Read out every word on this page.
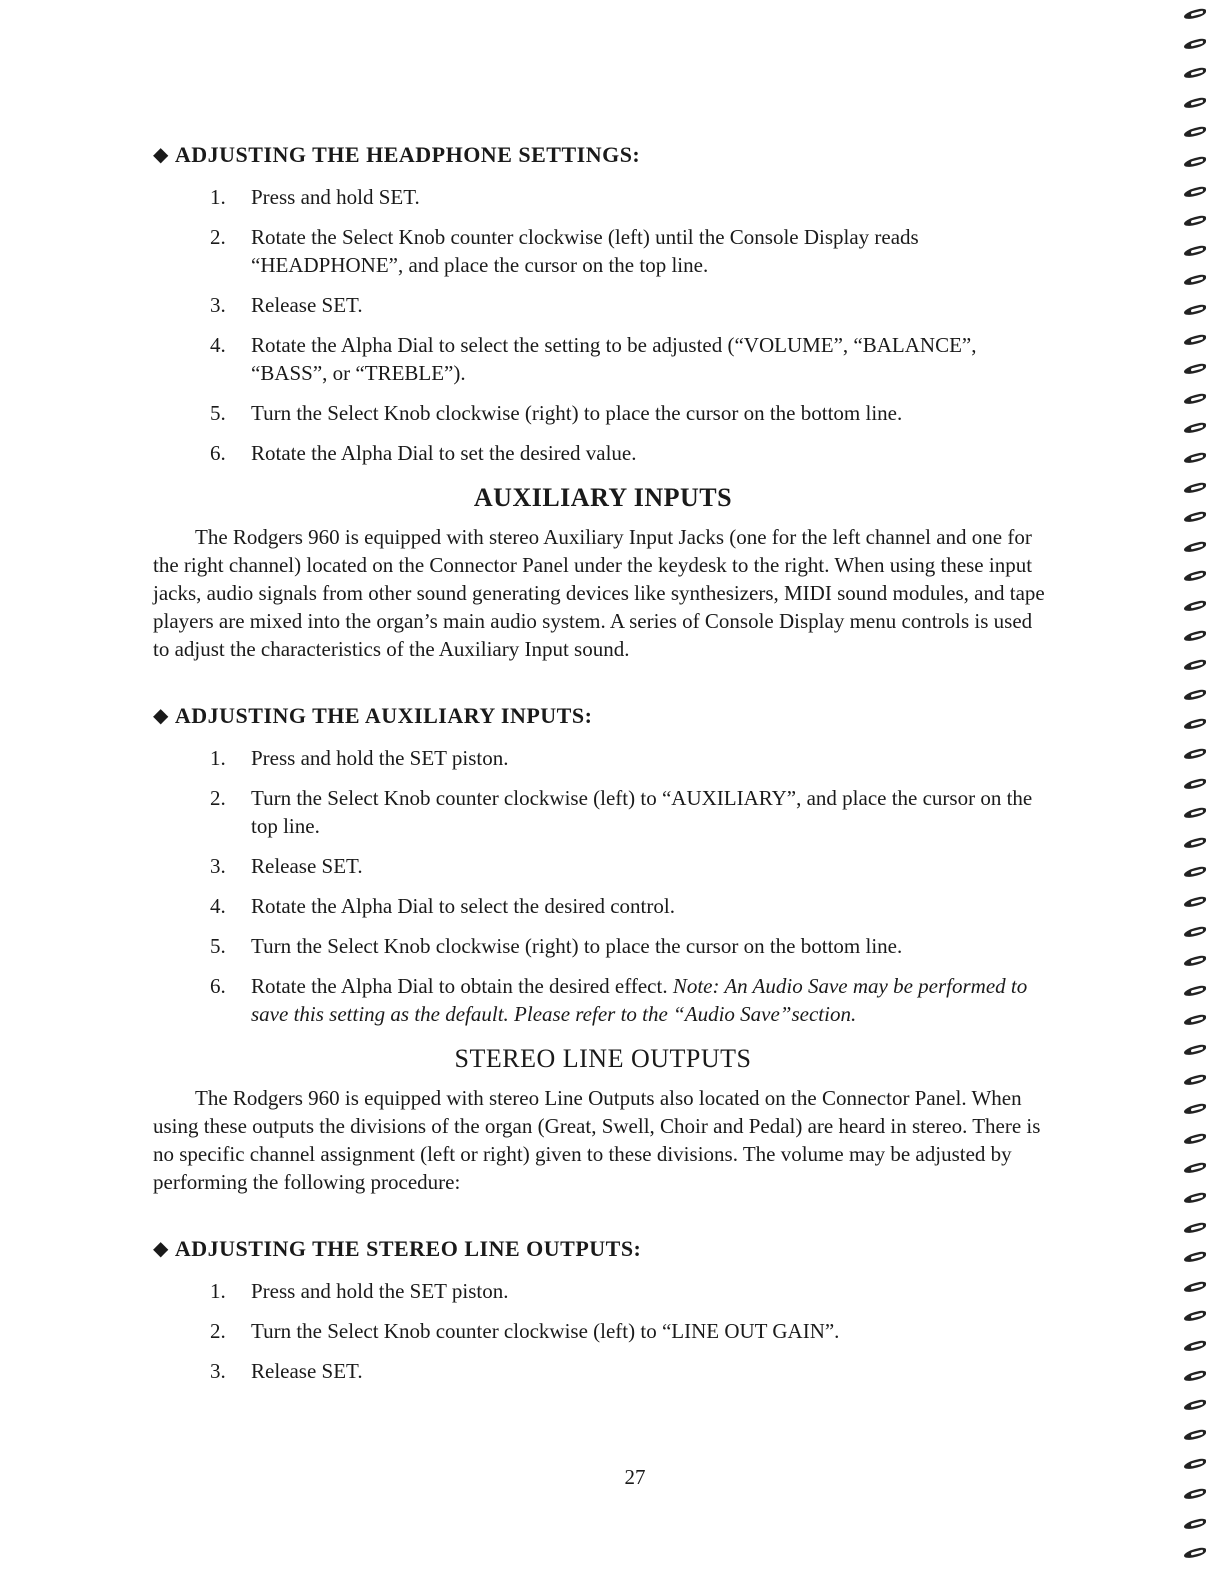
◆ ADJUSTING THE HEADPHONE SETTINGS:
1. Press and hold SET.
2. Rotate the Select Knob counter clockwise (left) until the Console Display reads “HEADPHONE”, and place the cursor on the top line.
3. Release SET.
4. Rotate the Alpha Dial to select the setting to be adjusted (“VOLUME”, “BALANCE”, “BASS”, or “TREBLE”).
5. Turn the Select Knob clockwise (right) to place the cursor on the bottom line.
6. Rotate the Alpha Dial to set the desired value.
AUXILIARY INPUTS

The Rodgers 960 is equipped with stereo Auxiliary Input Jacks (one for the left channel and one for the right channel) located on the Connector Panel under the keydesk to the right. When using these input jacks, audio signals from other sound generating devices like synthesizers, MIDI sound modules, and tape players are mixed into the organ’s main audio system. A series of Console Display menu controls is used to adjust the characteristics of the Auxiliary Input sound.

◆ ADJUSTING THE AUXILIARY INPUTS:
1. Press and hold the SET piston.
2. Turn the Select Knob counter clockwise (left) to “AUXILIARY”, and place the cursor on the top line.
3. Release SET.
4. Rotate the Alpha Dial to select the desired control.
5. Turn the Select Knob clockwise (right) to place the cursor on the bottom line.
6. Rotate the Alpha Dial to obtain the desired effect. Note: An Audio Save may be performed to save this setting as the default. Please refer to the “Audio Save”section.
STEREO LINE OUTPUTS

The Rodgers 960 is equipped with stereo Line Outputs also located on the Connector Panel. When using these outputs the divisions of the organ (Great, Swell, Choir and Pedal) are heard in stereo. There is no specific channel assignment (left or right) given to these divisions. The volume may be adjusted by performing the following procedure:

◆ ADJUSTING THE STEREO LINE OUTPUTS:
1. Press and hold the SET piston.
2. Turn the Select Knob counter clockwise (left) to “LINE OUT GAIN”.
3. Release SET.
27
